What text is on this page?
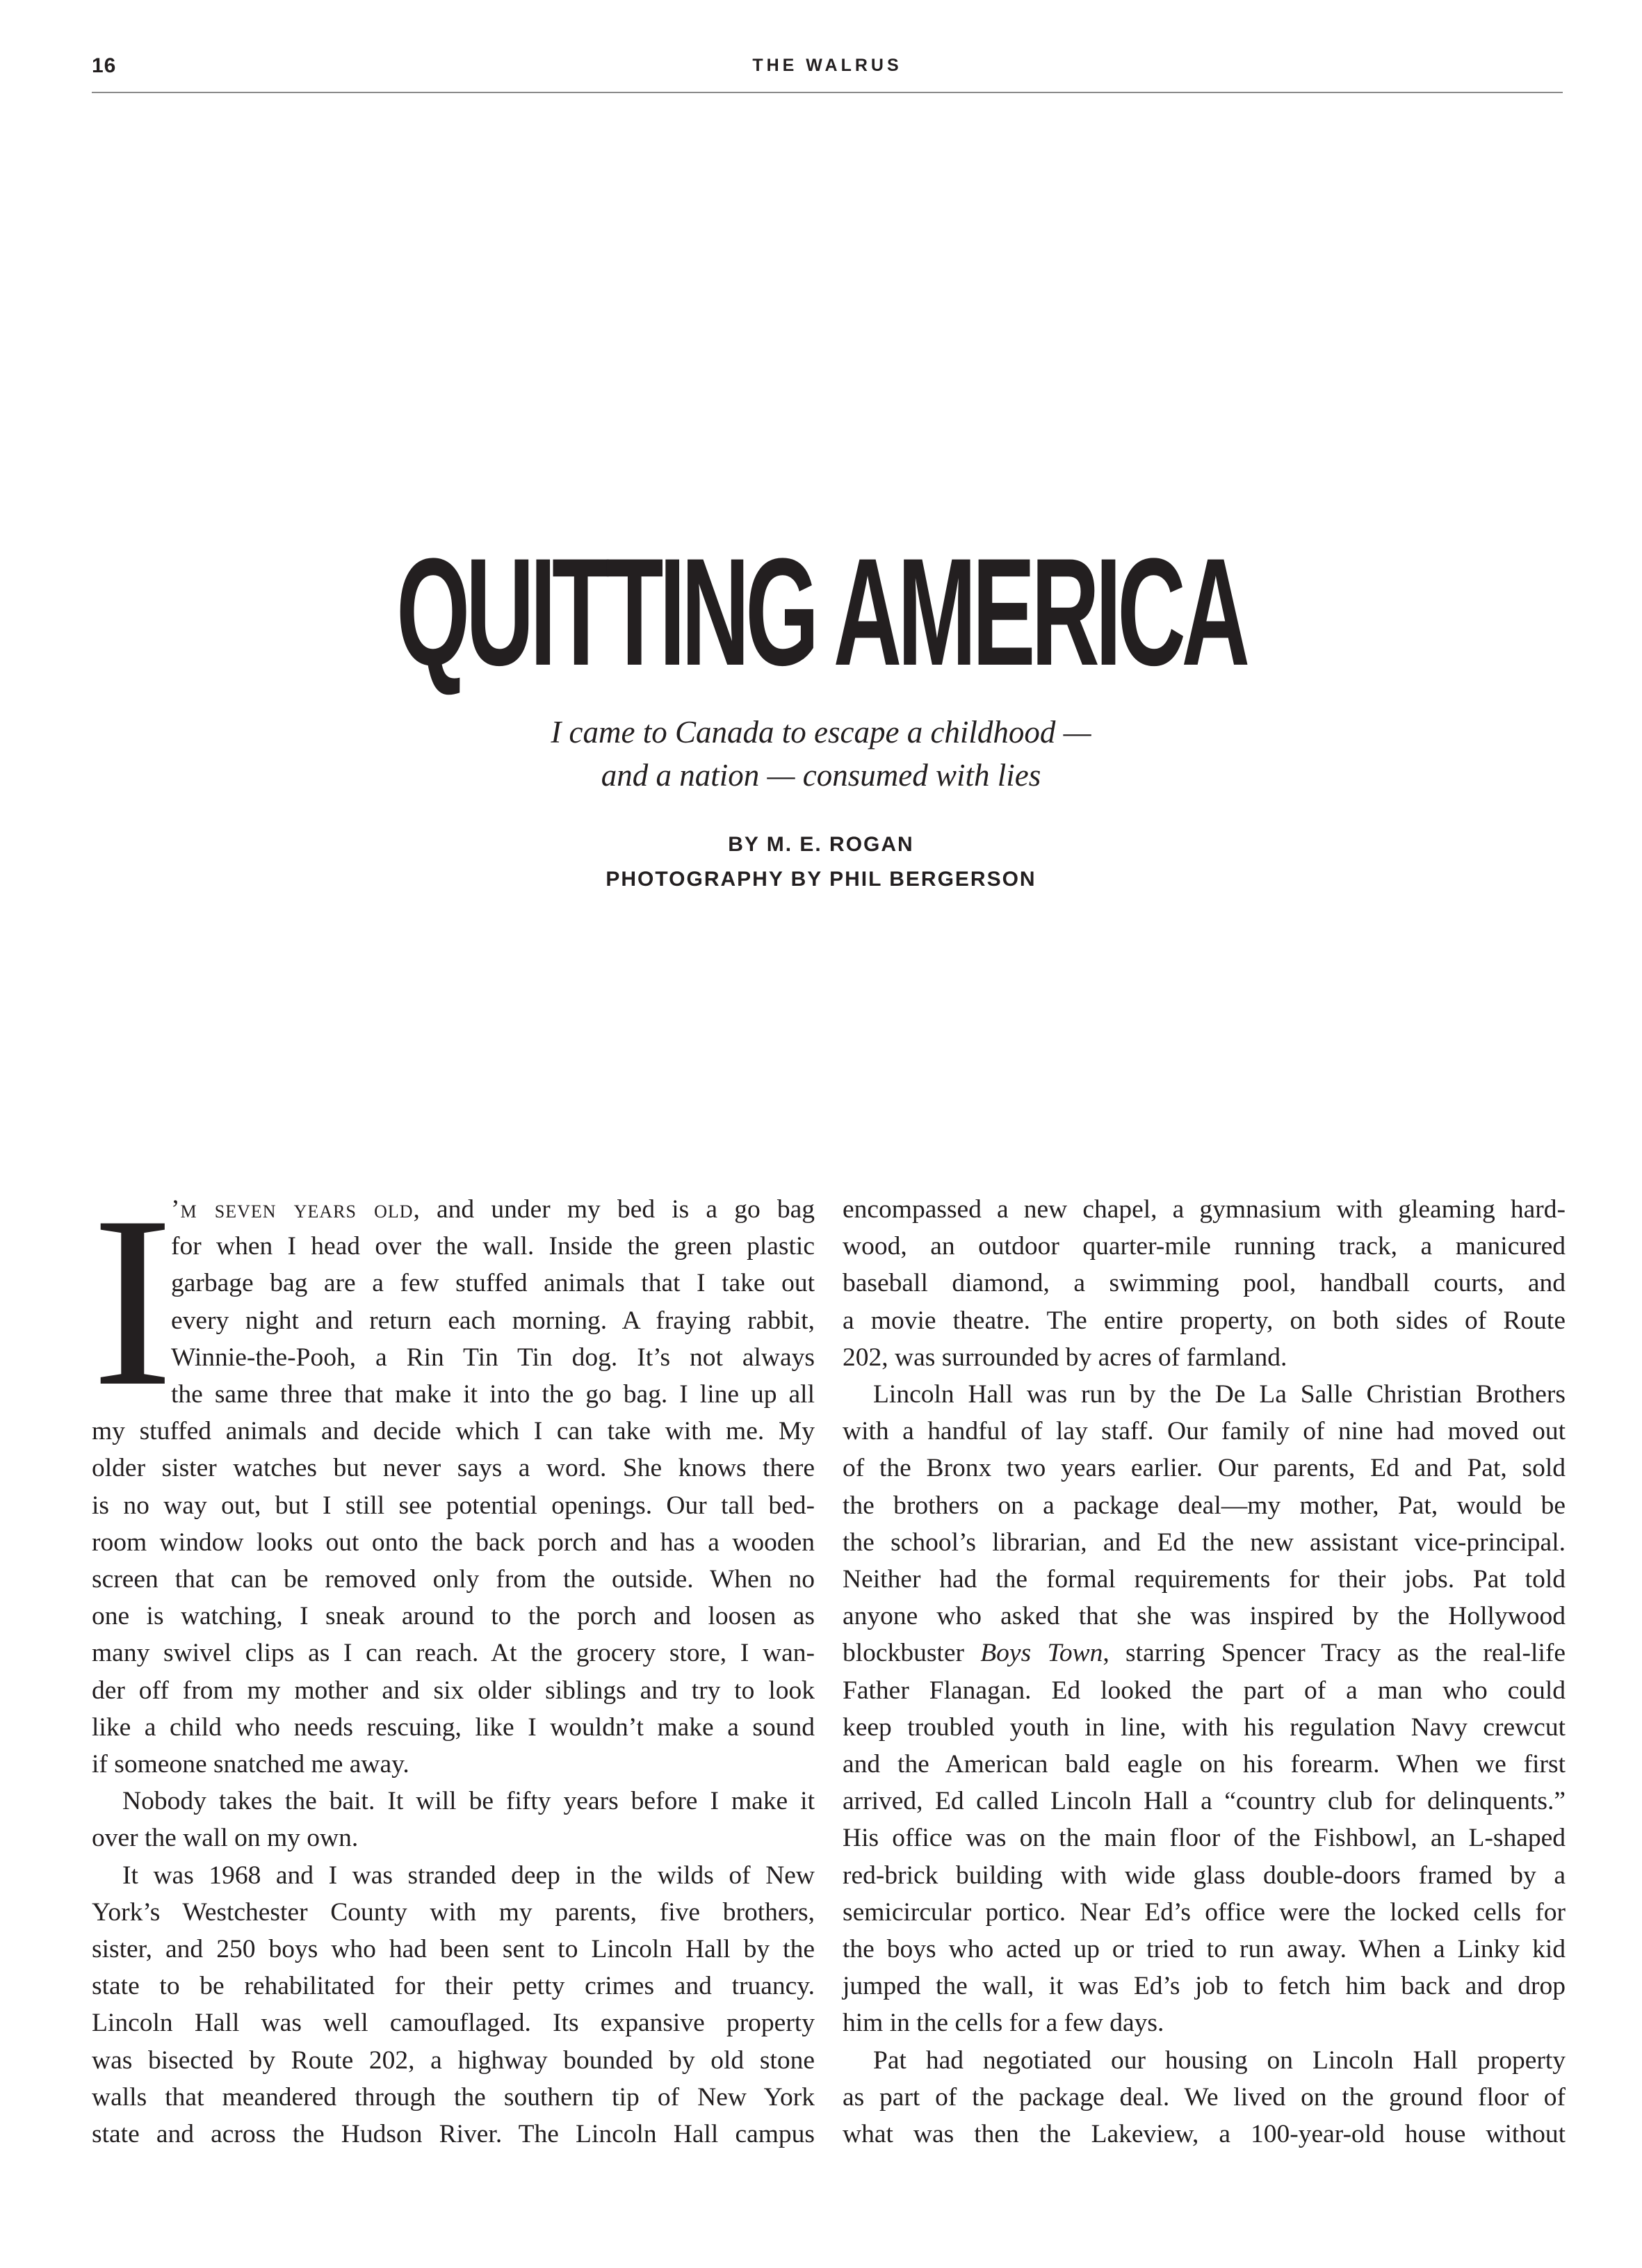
16	THE WALRUS
QUITTING AMERICA
I came to Canada to escape a childhood —
and a nation — consumed with lies
BY M. E. ROGAN
PHOTOGRAPHY BY PHIL BERGERSON
I
’m seven years old, and under my bed is a go bag
for when I head over the wall. Inside the green plastic
garbage bag are a few stuffed animals that I take out
every night and return each morning. A fraying rabbit,
Winnie-the-Pooh, a Rin Tin Tin dog. It’s not always
the same three that make it into the go bag. I line up all
my stuffed animals and decide which I can take with me. My
older sister watches but never says a word. She knows there
is no way out, but I still see potential openings. Our tall bed-
room window looks out onto the back porch and has a wooden
screen that can be removed only from the outside. When no
one is watching, I sneak around to the porch and loosen as
many swivel clips as I can reach. At the grocery store, I wan-
der off from my mother and six older siblings and try to look
like a child who needs rescuing, like I wouldn’t make a sound
if someone snatched me away.
Nobody takes the bait. It will be fifty years before I make it
over the wall on my own.
It was 1968 and I was stranded deep in the wilds of New
York’s Westchester County with my parents, five brothers,
sister, and 250 boys who had been sent to Lincoln Hall by the
state to be rehabilitated for their petty crimes and truancy.
Lincoln Hall was well camouflaged. Its expansive property
was bisected by Route 202, a highway bounded by old stone
walls that meandered through the southern tip of New York
state and across the Hudson River. The Lincoln Hall campus
encompassed a new chapel, a gymnasium with gleaming hard-
wood, an outdoor quarter-mile running track, a manicured
baseball diamond, a swimming pool, handball courts, and
a movie theatre. The entire property, on both sides of Route
202, was surrounded by acres of farmland.
Lincoln Hall was run by the De La Salle Christian Brothers
with a handful of lay staff. Our family of nine had moved out
of the Bronx two years earlier. Our parents, Ed and Pat, sold
the brothers on a package deal—my mother, Pat, would be
the school’s librarian, and Ed the new assistant vice-principal.
Neither had the formal requirements for their jobs. Pat told
anyone who asked that she was inspired by the Hollywood
blockbuster Boys Town, starring Spencer Tracy as the real-life
Father Flanagan. Ed looked the part of a man who could
keep troubled youth in line, with his regulation Navy crewcut
and the American bald eagle on his forearm. When we first
arrived, Ed called Lincoln Hall a “country club for delinquents.”
His office was on the main floor of the Fishbowl, an L-shaped
red-brick building with wide glass double-doors framed by a
semicircular portico. Near Ed’s office were the locked cells for
the boys who acted up or tried to run away. When a Linky kid
jumped the wall, it was Ed’s job to fetch him back and drop
him in the cells for a few days.
Pat had negotiated our housing on Lincoln Hall property
as part of the package deal. We lived on the ground floor of
what was then the Lakeview, a 100-year-old house without
